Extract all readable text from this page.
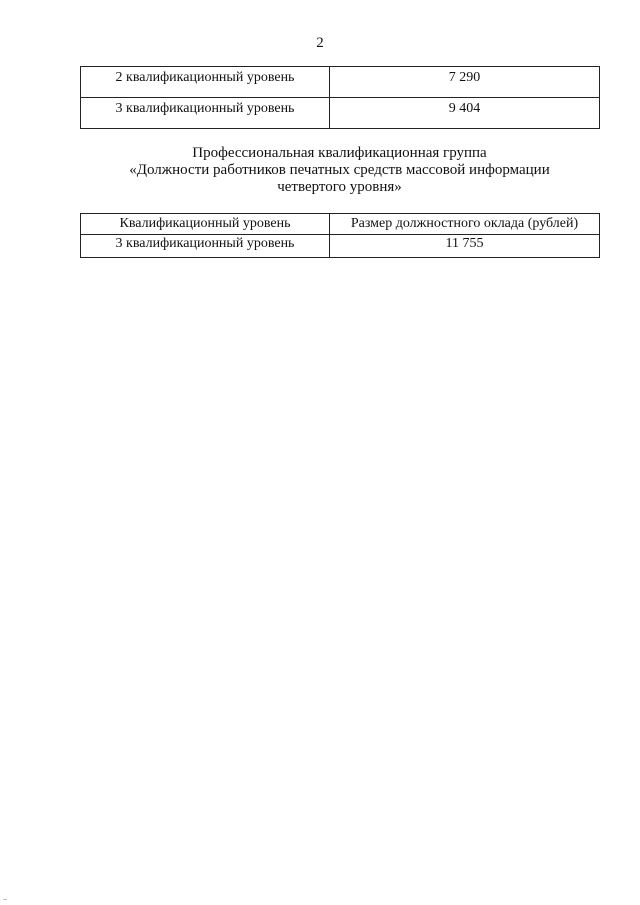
2
2 квалификационный уровень	7 290
3 квалификационный уровень	9 404
Профессиональная квалификационная группа
«Должности работников печатных средств массовой информации
четвертого уровня»
Квалификационный уровень	Размер должностного оклада (рублей)
3 квалификационный уровень	11 755
..
